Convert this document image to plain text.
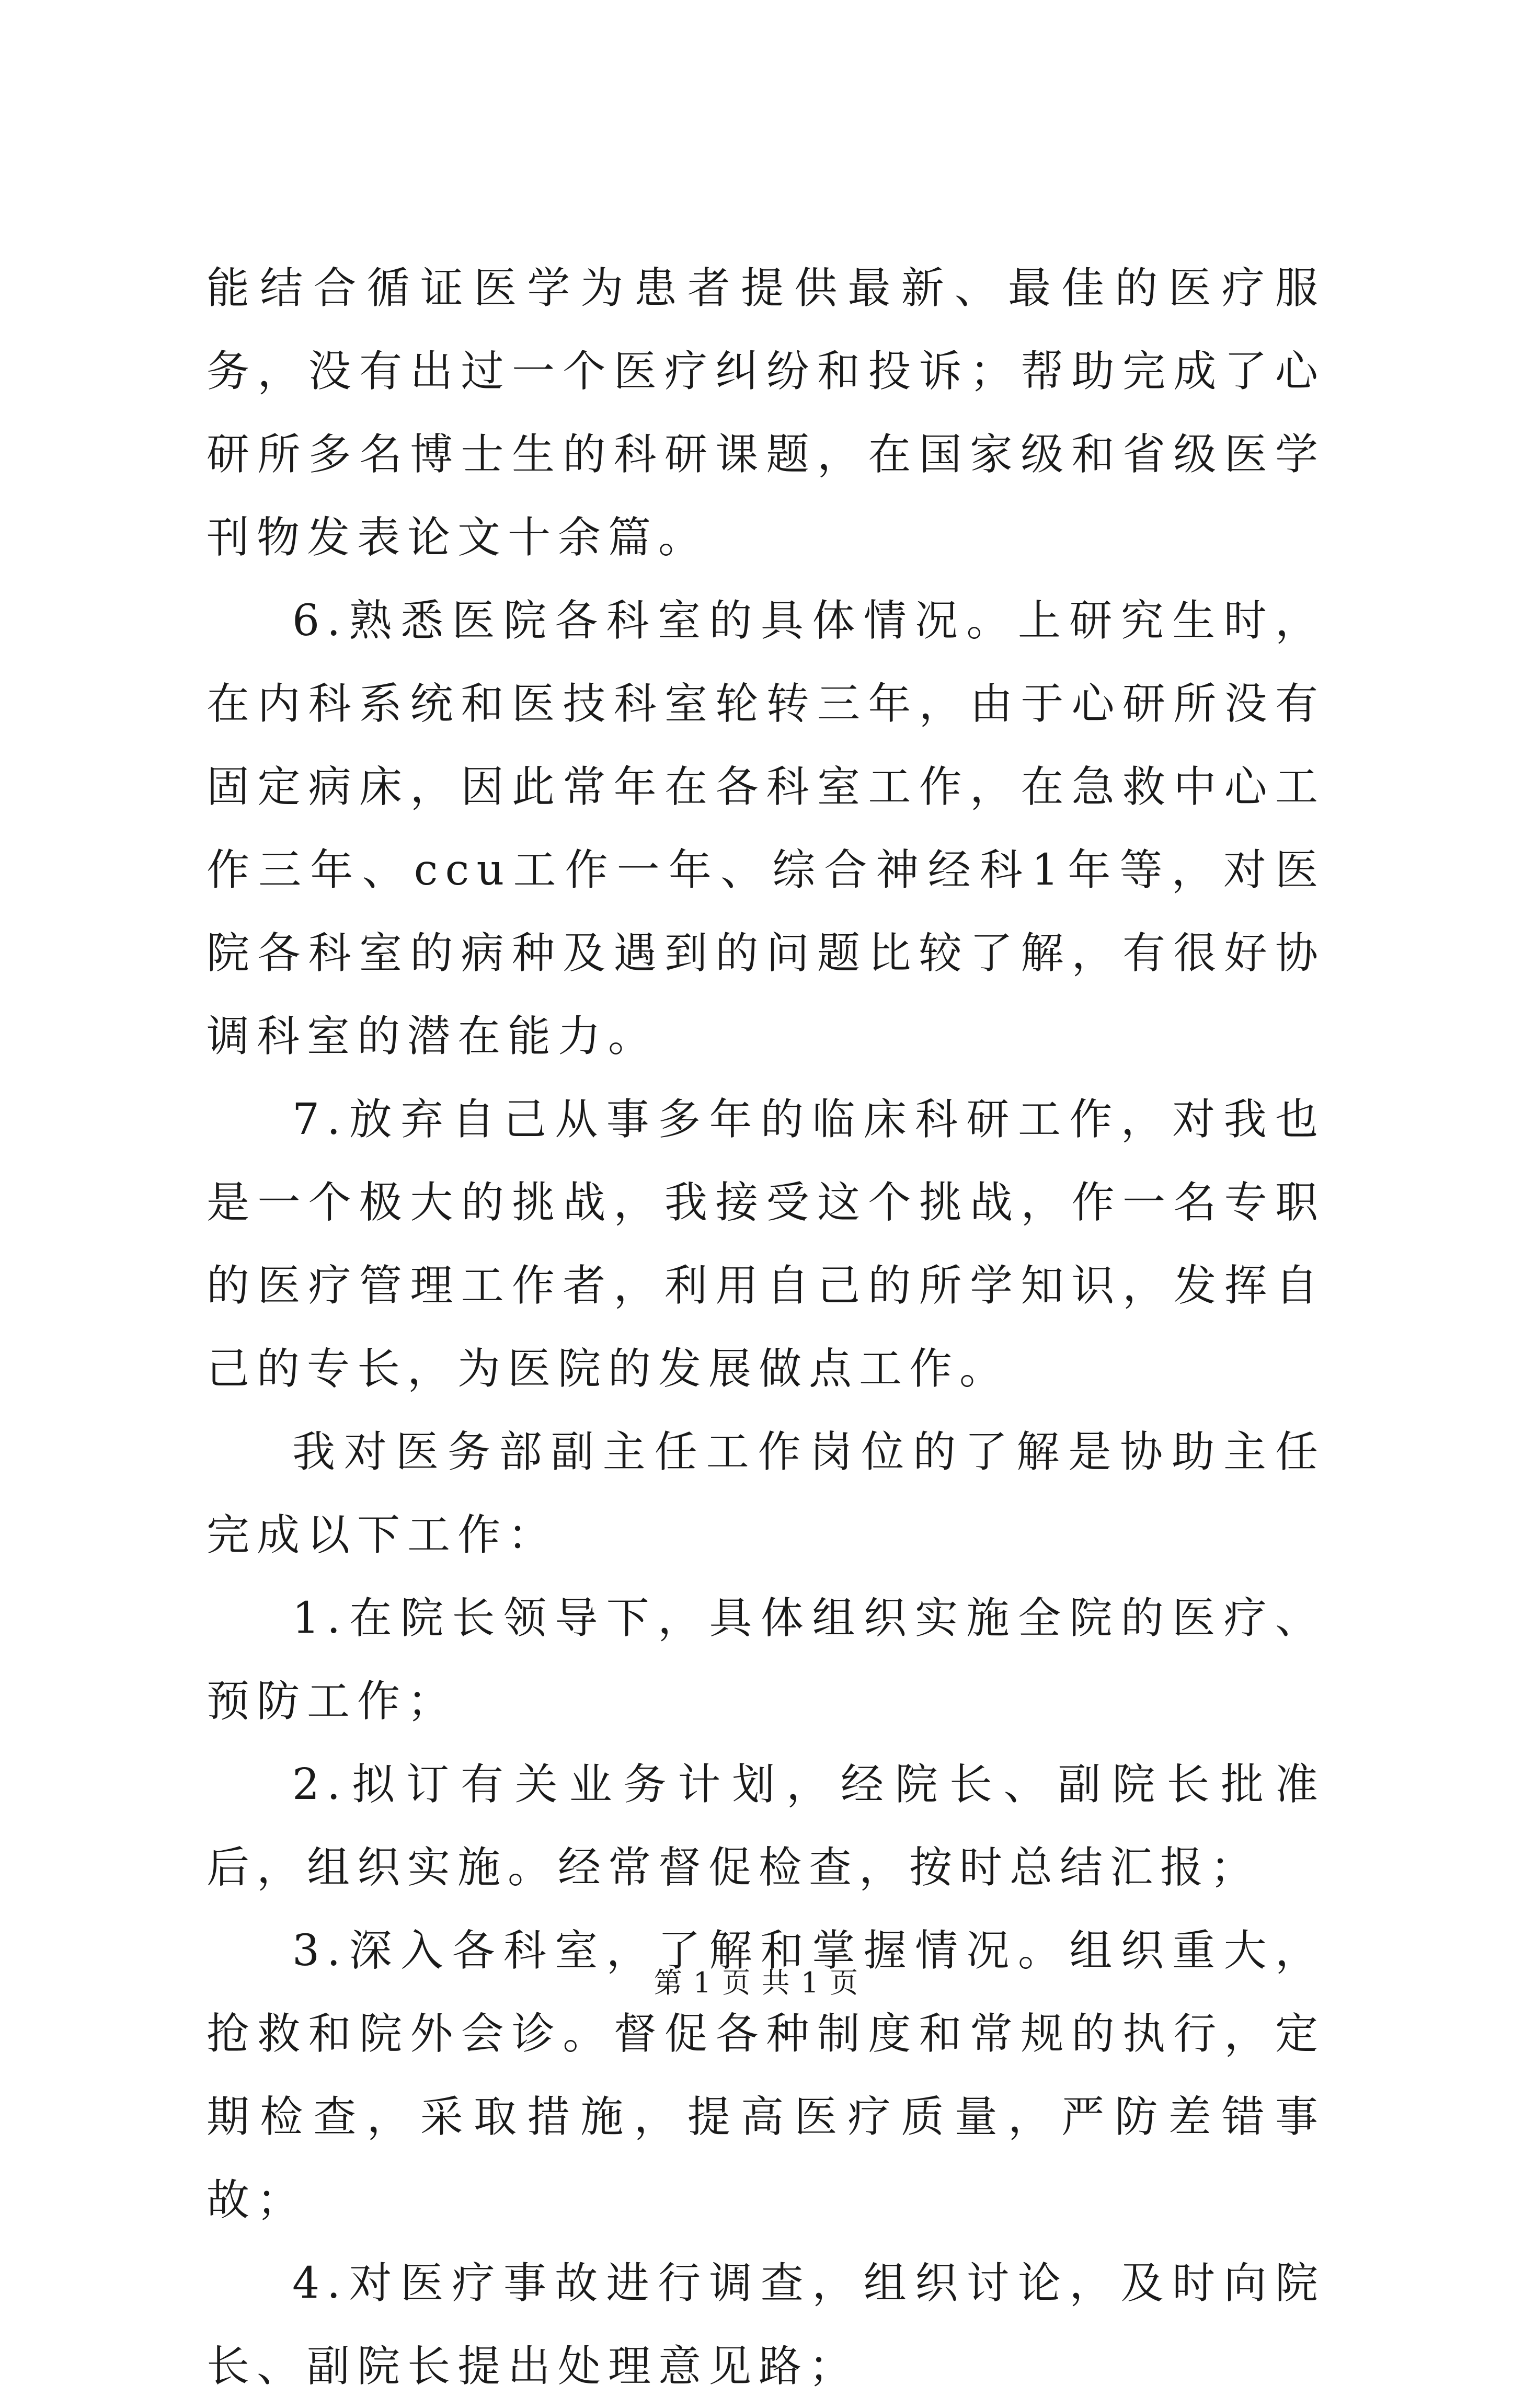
能结合循证医学为患者提供最新、最佳的医疗服务，没有出过一个医疗纠纷和投诉；帮助完成了心研所多名博士生的科研课题，在国家级和省级医学刊物发表论文十余篇。

6.熟悉医院各科室的具体情况。上研究生时，在内科系统和医技科室轮转三年，由于心研所没有固定病床，因此常年在各科室工作，在急救中心工作三年、ccu工作一年、综合神经科1年等，对医院各科室的病种及遇到的问题比较了解，有很好协调科室的潜在能力。

7.放弃自己从事多年的临床科研工作，对我也是一个极大的挑战，我接受这个挑战，作一名专职的医疗管理工作者，利用自己的所学知识，发挥自己的专长，为医院的发展做点工作。

我对医务部副主任工作岗位的了解是协助主任完成以下工作：

1.在院长领导下，具体组织实施全院的医疗、预防工作；

2.拟订有关业务计划，经院长、副院长批准后，组织实施。经常督促检查，按时总结汇报；

3.深入各科室，了解和掌握情况。组织重大，抢救和院外会诊。督促各种制度和常规的执行，定期检查，采取措施，提高医疗质量，严防差错事故；

4.对医疗事故进行调查，组织讨论，及时向院长、副院长提出处理意见路；

第 1 页 共 1 页
